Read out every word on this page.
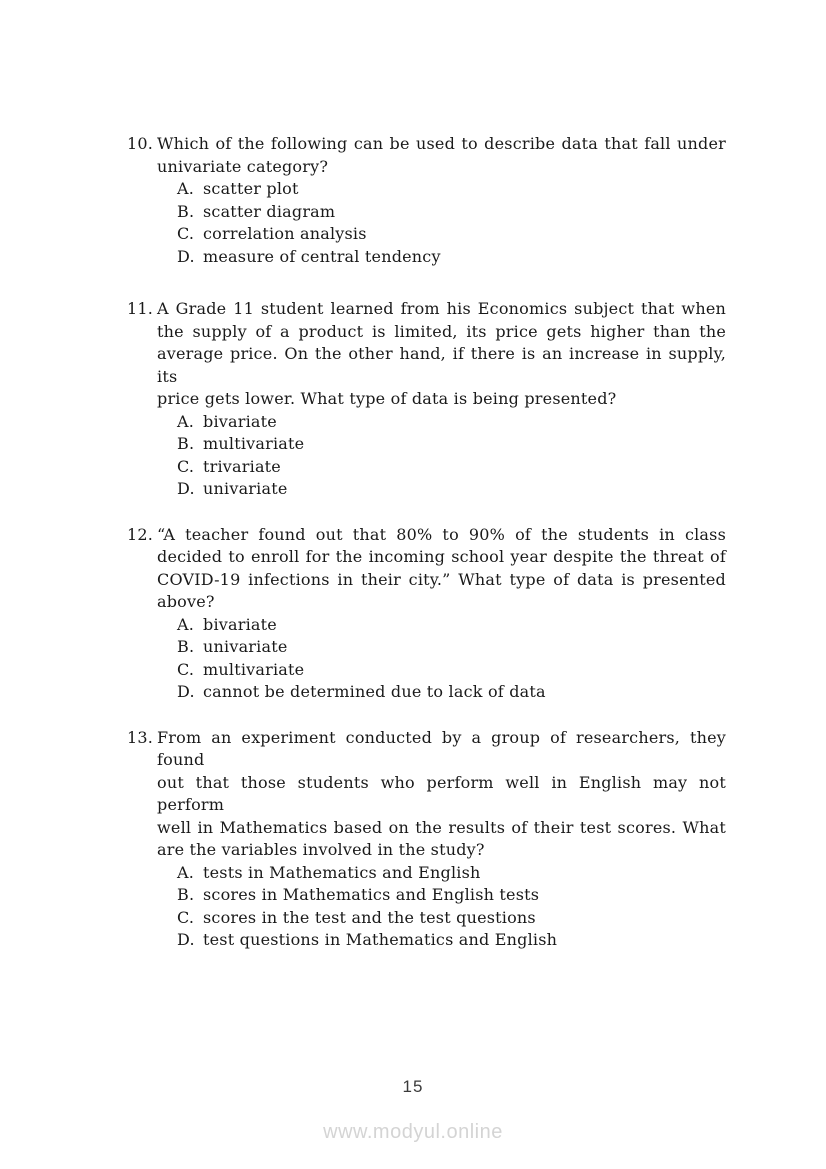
10. Which of the following can be used to describe data that fall under
univariate category?
A. scatter plot
B. scatter diagram
C. correlation analysis
D. measure of central tendency
11. A Grade 11 student learned from his Economics subject that when
the supply of a product is limited, its price gets higher than the
average price. On the other hand, if there is an increase in supply, its
price gets lower. What type of data is being presented?
A. bivariate
B. multivariate
C. trivariate
D. univariate
12. “A teacher found out that 80% to 90% of the students in class
decided to enroll for the incoming school year despite the threat of
COVID-19 infections in their city.” What type of data is presented
above?
A. bivariate
B. univariate
C. multivariate
D. cannot be determined due to lack of data
13. From an experiment conducted by a group of researchers, they found
out that those students who perform well in English may not perform
well in Mathematics based on the results of their test scores. What
are the variables involved in the study?
A. tests in Mathematics and English
B. scores in Mathematics and English tests
C. scores in the test and the test questions
D. test questions in Mathematics and English
15
www.modyul.online
